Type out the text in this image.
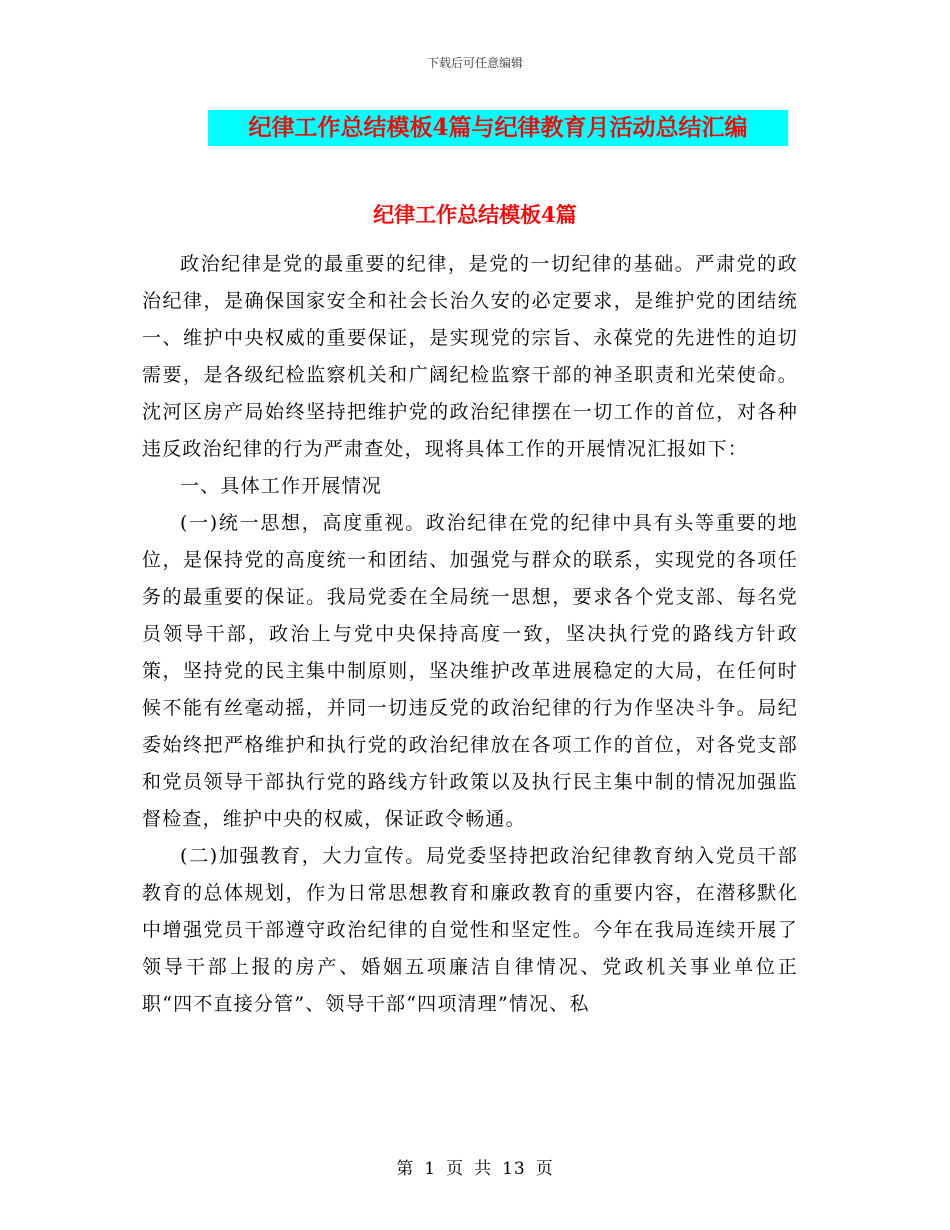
下载后可任意编辑
纪律工作总结模板4篇与纪律教育月活动总结汇编
纪律工作总结模板4篇

政治纪律是党的最重要的纪律，是党的一切纪律的基础。严肃党的政治纪律，是确保国家安全和社会长治久安的必定要求，是维护党的团结统一、维护中央权威的重要保证，是实现党的宗旨、永葆党的先进性的迫切需要，是各级纪检监察机关和广阔纪检监察干部的神圣职责和光荣使命。沈河区房产局始终坚持把维护党的政治纪律摆在一切工作的首位，对各种违反政治纪律的行为严肃查处，现将具体工作的开展情况汇报如下：

一、具体工作开展情况

(一)统一思想，高度重视。政治纪律在党的纪律中具有头等重要的地位，是保持党的高度统一和团结、加强党与群众的联系，实现党的各项任务的最重要的保证。我局党委在全局统一思想，要求各个党支部、每名党员领导干部，政治上与党中央保持高度一致，坚决执行党的路线方针政策，坚持党的民主集中制原则，坚决维护改革进展稳定的大局，在任何时候不能有丝毫动摇，并同一切违反党的政治纪律的行为作坚决斗争。局纪委始终把严格维护和执行党的政治纪律放在各项工作的首位，对各党支部和党员领导干部执行党的路线方针政策以及执行民主集中制的情况加强监督检查，维护中央的权威，保证政令畅通。

(二)加强教育，大力宣传。局党委坚持把政治纪律教育纳入党员干部教育的总体规划，作为日常思想教育和廉政教育的重要内容，在潜移默化中增强党员干部遵守政治纪律的自觉性和坚定性。今年在我局连续开展了领导干部上报的房产、婚姻五项廉洁自律情况、党政机关事业单位正职“四不直接分管”、领导干部“四项清理”情况、私

第 1 页 共 13 页
